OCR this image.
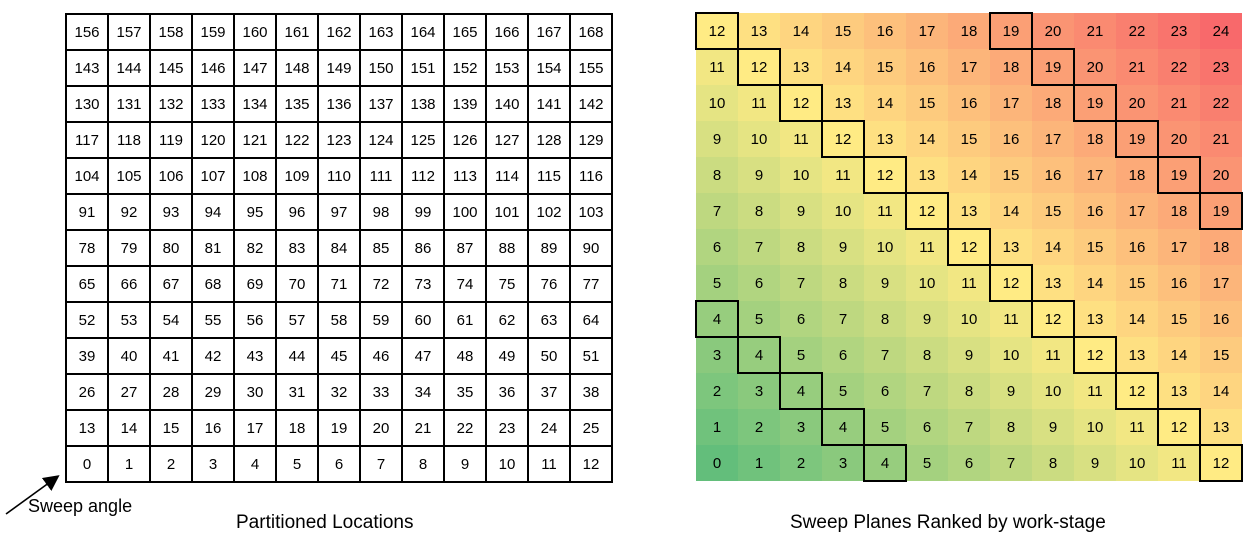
156	157	158	159	160	161	162	163	164	165	166	167	168
143	144	145	146	147	148	149	150	151	152	153	154	155
130	131	132	133	134	135	136	137	138	139	140	141	142
117	118	119	120	121	122	123	124	125	126	127	128	129
104	105	106	107	108	109	110	111	112	113	114	115	116
91	92	93	94	95	96	97	98	99	100	101	102	103
78	79	80	81	82	83	84	85	86	87	88	89	90
65	66	67	68	69	70	71	72	73	74	75	76	77
52	53	54	55	56	57	58	59	60	61	62	63	64
39	40	41	42	43	44	45	46	47	48	49	50	51
26	27	28	29	30	31	32	33	34	35	36	37	38
13	14	15	16	17	18	19	20	21	22	23	24	25
0	1	2	3	4	5	6	7	8	9	10	11	12
12	13	14	15	16	17	18	19	20	21	22	23	24
11	12	13	14	15	16	17	18	19	20	21	22	23
10	11	12	13	14	15	16	17	18	19	20	21	22
9	10	11	12	13	14	15	16	17	18	19	20	21
8	9	10	11	12	13	14	15	16	17	18	19	20
7	8	9	10	11	12	13	14	15	16	17	18	19
6	7	8	9	10	11	12	13	14	15	16	17	18
5	6	7	8	9	10	11	12	13	14	15	16	17
4	5	6	7	8	9	10	11	12	13	14	15	16
3	4	5	6	7	8	9	10	11	12	13	14	15
2	3	4	5	6	7	8	9	10	11	12	13	14
1	2	3	4	5	6	7	8	9	10	11	12	13
0	1	2	3	4	5	6	7	8	9	10	11	12
Sweep angle
Partitioned Locations	Sweep Planes Ranked by work-stage
